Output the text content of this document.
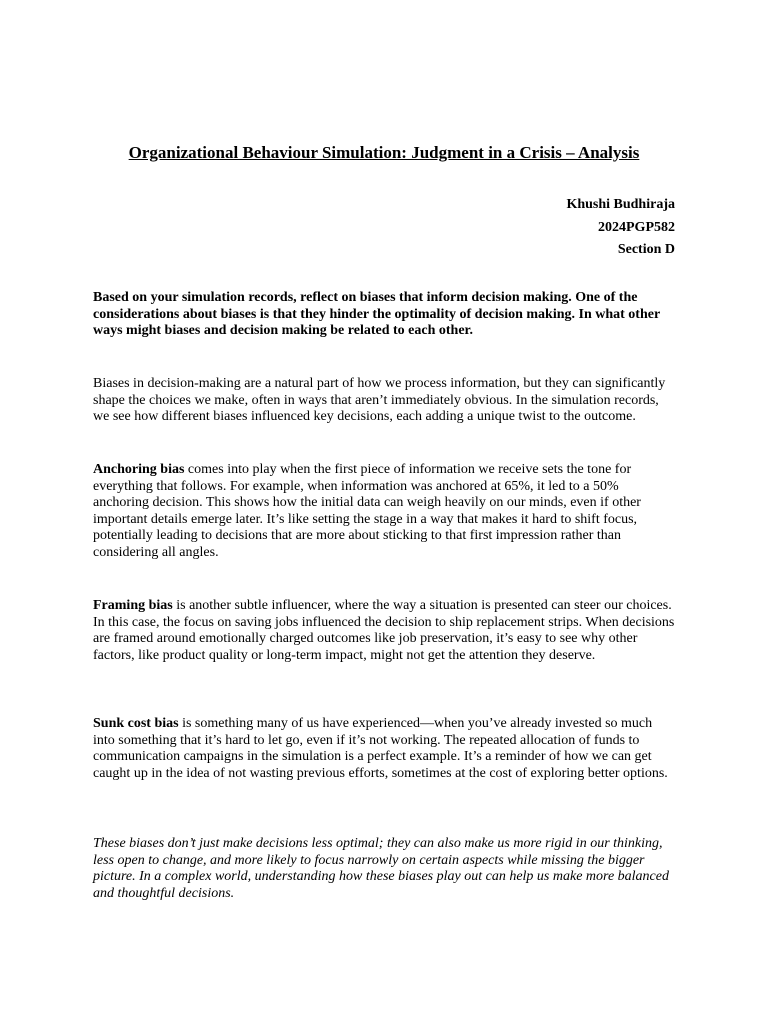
Organizational Behaviour Simulation: Judgment in a Crisis – Analysis
Khushi Budhiraja
2024PGP582
Section D

Based on your simulation records, reflect on biases that inform decision making. One of the considerations about biases is that they hinder the optimality of decision making. In what other ways might biases and decision making be related to each other.

Biases in decision-making are a natural part of how we process information, but they can significantly shape the choices we make, often in ways that aren’t immediately obvious. In the simulation records, we see how different biases influenced key decisions, each adding a unique twist to the outcome.

Anchoring bias comes into play when the first piece of information we receive sets the tone for everything that follows. For example, when information was anchored at 65%, it led to a 50% anchoring decision. This shows how the initial data can weigh heavily on our minds, even if other important details emerge later. It’s like setting the stage in a way that makes it hard to shift focus, potentially leading to decisions that are more about sticking to that first impression rather than considering all angles.

Framing bias is another subtle influencer, where the way a situation is presented can steer our choices. In this case, the focus on saving jobs influenced the decision to ship replacement strips. When decisions are framed around emotionally charged outcomes like job preservation, it’s easy to see why other factors, like product quality or long-term impact, might not get the attention they deserve.

Sunk cost bias is something many of us have experienced—when you’ve already invested so much into something that it’s hard to let go, even if it’s not working. The repeated allocation of funds to communication campaigns in the simulation is a perfect example. It’s a reminder of how we can get caught up in the idea of not wasting previous efforts, sometimes at the cost of exploring better options.

These biases don’t just make decisions less optimal; they can also make us more rigid in our thinking, less open to change, and more likely to focus narrowly on certain aspects while missing the bigger picture. In a complex world, understanding how these biases play out can help us make more balanced and thoughtful decisions.
